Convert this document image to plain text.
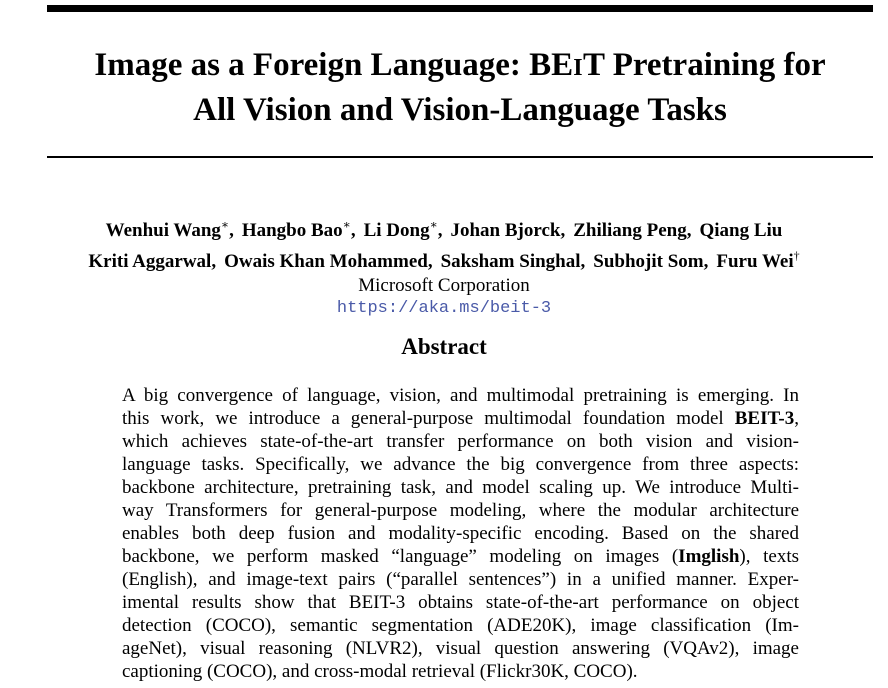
Image as a Foreign Language: BEIT Pretraining for
All Vision and Vision-Language Tasks
Wenhui Wang∗, Hangbo Bao∗, Li Dong∗, Johan Bjorck, Zhiliang Peng, Qiang Liu
Kriti Aggarwal, Owais Khan Mohammed, Saksham Singhal, Subhojit Som, Furu Wei†
Microsoft Corporation
https://aka.ms/beit-3
Abstract
A big convergence of language, vision, and multimodal pretraining is emerging. In
this work, we introduce a general-purpose multimodal foundation model BEIT-3,
which achieves state-of-the-art transfer performance on both vision and vision-
language tasks. Specifically, we advance the big convergence from three aspects:
backbone architecture, pretraining task, and model scaling up. We introduce Multi-
way Transformers for general-purpose modeling, where the modular architecture
enables both deep fusion and modality-specific encoding. Based on the shared
backbone, we perform masked “language” modeling on images (Imglish), texts
(English), and image-text pairs (“parallel sentences”) in a unified manner. Exper-
imental results show that BEIT-3 obtains state-of-the-art performance on object
detection (COCO), semantic segmentation (ADE20K), image classification (Im-
ageNet), visual reasoning (NLVR2), visual question answering (VQAv2), image
captioning (COCO), and cross-modal retrieval (Flickr30K, COCO).
